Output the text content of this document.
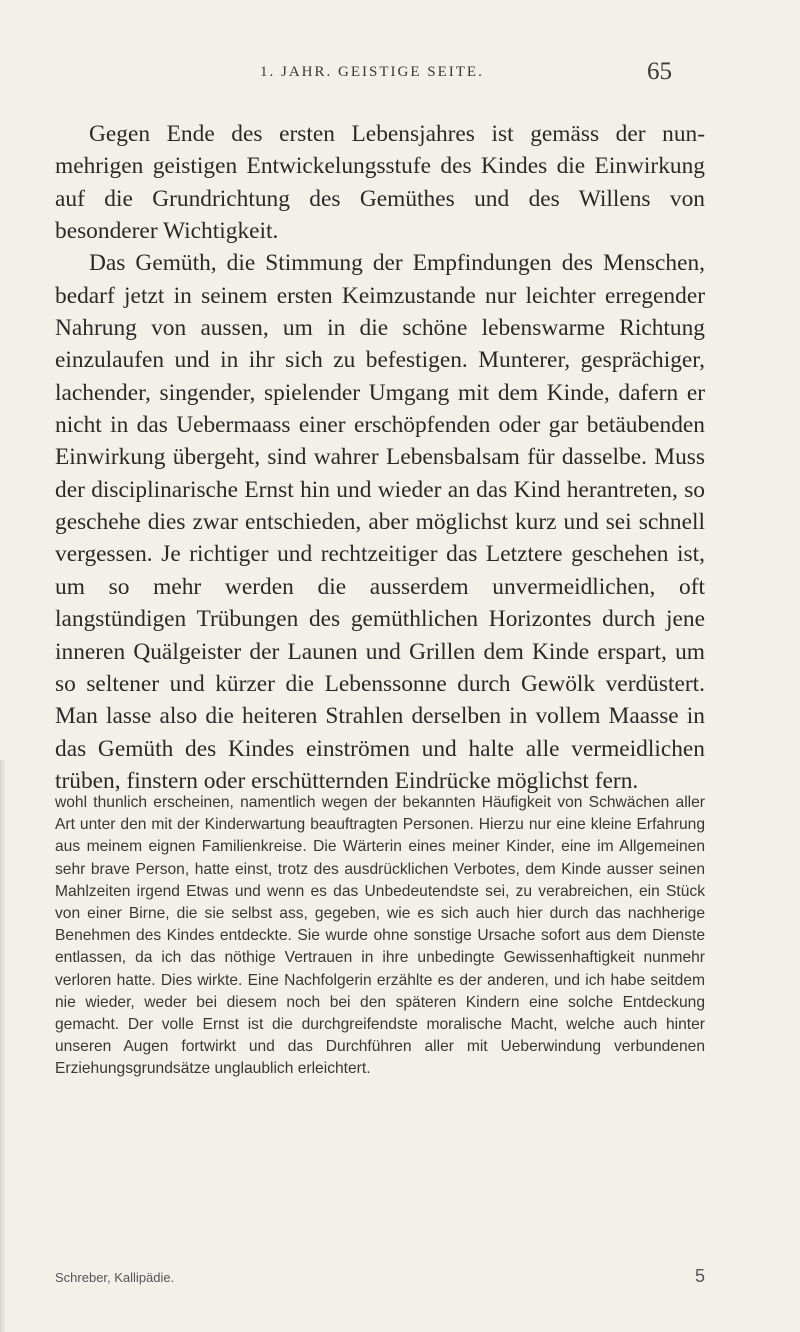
1. JAHR. GEISTIGE SEITE.	65

Gegen Ende des ersten Lebensjahres ist gemäss der nun-mehrigen geistigen Entwickelungsstufe des Kindes die Einwirkung auf die Grundrichtung des Gemüthes und des Willens von besonderer Wichtigkeit.

Das Gemüth, die Stimmung der Empfindungen des Menschen, bedarf jetzt in seinem ersten Keimzustande nur leichter erregender Nahrung von aussen, um in die schöne lebenswarme Richtung einzulaufen und in ihr sich zu befestigen. Munterer, gesprächiger, lachender, singender, spielender Umgang mit dem Kinde, dafern er nicht in das Uebermaass einer erschöpfenden oder gar betäubenden Einwirkung übergeht, sind wahrer Lebensbalsam für dasselbe. Muss der disciplinarische Ernst hin und wieder an das Kind herantreten, so geschehe dies zwar entschieden, aber möglichst kurz und sei schnell vergessen. Je richtiger und rechtzeitiger das Letztere geschehen ist, um so mehr werden die ausserdem unvermeidlichen, oft langstündigen Trübungen des gemüthlichen Horizontes durch jene inneren Quälgeister der Launen und Grillen dem Kinde erspart, um so seltener und kürzer die Lebenssonne durch Gewölk verdüstert. Man lasse also die heiteren Strahlen derselben in vollem Maasse in das Gemüth des Kindes einströmen und halte alle vermeidlichen trüben, finstern oder erschütternden Eindrücke möglichst fern.

wohl thunlich erscheinen, namentlich wegen der bekannten Häufigkeit von Schwächen aller Art unter den mit der Kinderwartung beauftragten Personen. Hierzu nur eine kleine Erfahrung aus meinem eignen Familienkreise. Die Wärterin eines meiner Kinder, eine im Allgemeinen sehr brave Person, hatte einst, trotz des ausdrücklichen Verbotes, dem Kinde ausser seinen Mahlzeiten irgend Etwas und wenn es das Unbedeutendste sei, zu verabreichen, ein Stück von einer Birne, die sie selbst ass, gegeben, wie es sich auch hier durch das nachherige Benehmen des Kindes entdeckte. Sie wurde ohne sonstige Ursache sofort aus dem Dienste entlassen, da ich das nöthige Vertrauen in ihre unbedingte Gewissenhaftigkeit nunmehr verloren hatte. Dies wirkte. Eine Nachfolgerin erzählte es der anderen, und ich habe seitdem nie wieder, weder bei diesem noch bei den späteren Kindern eine solche Entdeckung gemacht. Der volle Ernst ist die durchgreifendste moralische Macht, welche auch hinter unseren Augen fortwirkt und das Durchführen aller mit Ueberwindung verbundenen Erziehungsgrundsätze unglaublich erleichtert.

Schreber, Kallipädie.	5
